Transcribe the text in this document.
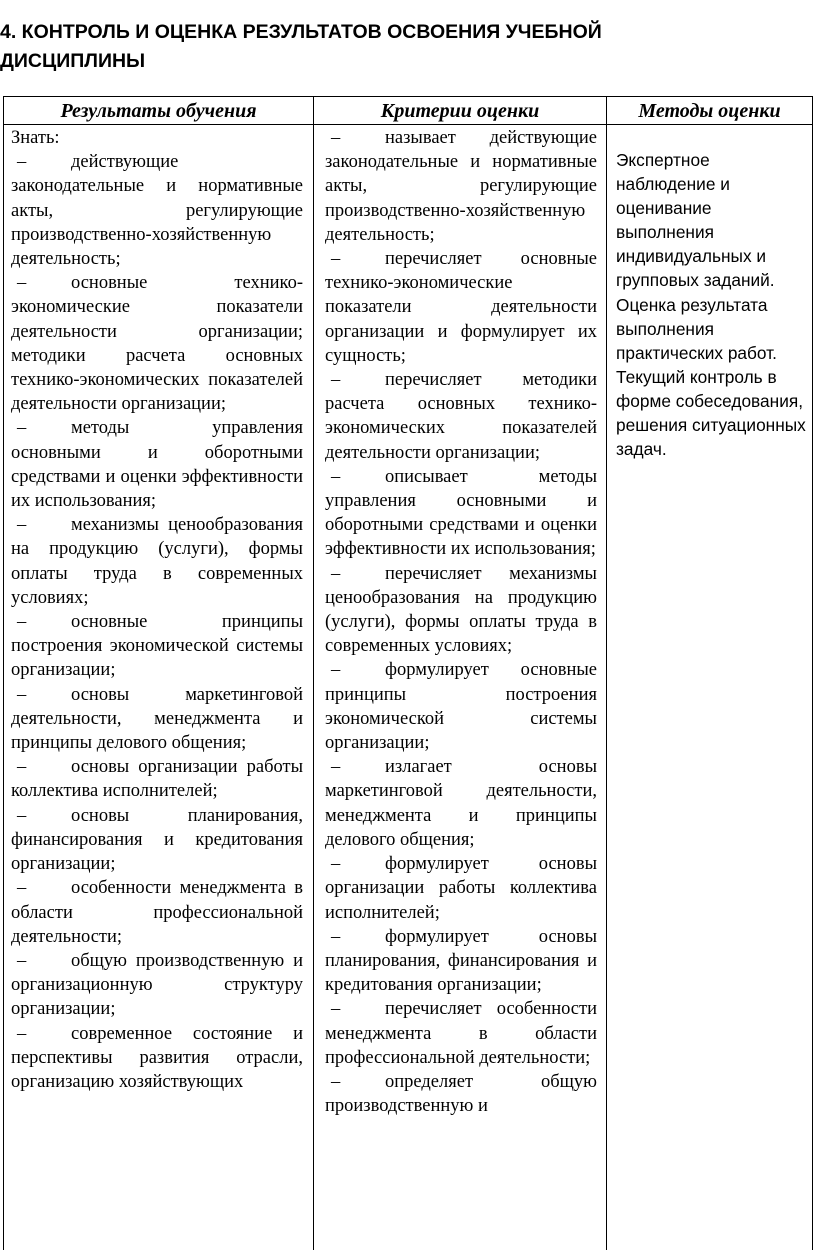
4. КОНТРОЛЬ И ОЦЕНКА РЕЗУЛЬТАТОВ ОСВОЕНИЯ УЧЕБНОЙ
ДИСЦИПЛИНЫ
Результаты обучения	Критерии оценки	Методы оценки

Знать:

– действующие законодательные и нормативные акты, регулирующие производственно-хозяйственную деятельность;

– основные технико-экономические показатели деятельности организации; методики расчета основных технико-экономических показателей деятельности организации;

– методы управления основными и оборотными средствами и оценки эффективности их использования;

– механизмы ценообразования на продукцию (услуги), формы оплаты труда в современных условиях;

– основные принципы построения экономической системы организации;

– основы маркетинговой деятельности, менеджмента и принципы делового общения;

– основы организации работы коллектива исполнителей;

– основы планирования, финансирования и кредитования организации;

– особенности менеджмента в области профессиональной деятельности;

– общую производственную и организационную структуру организации;

– современное состояние и перспективы развития отрасли, организацию хозяйствующих

– называет действующие законодательные и нормативные акты, регулирующие производственно-хозяйственную деятельность;

– перечисляет основные технико-экономические показатели деятельности организации и формулирует их сущность;

– перечисляет методики расчета основных технико-экономических показателей деятельности организации;

– описывает методы управления основными и оборотными средствами и оценки эффективности их использования;

– перечисляет механизмы ценообразования на продукцию (услуги), формы оплаты труда в современных условиях;

– формулирует основные принципы построения экономической системы организации;

– излагает основы маркетинговой деятельности, менеджмента и принципы делового общения;

– формулирует основы организации работы коллектива исполнителей;

– формулирует основы планирования, финансирования и кредитования организации;

– перечисляет особенности менеджмента в области профессиональной деятельности;

– определяет общую производственную и

Экспертное наблюдение и оценивание выполнения индивидуальных и групповых заданий. Оценка результата выполнения практических работ. Текущий контроль в форме собеседования, решения ситуационных задач.
